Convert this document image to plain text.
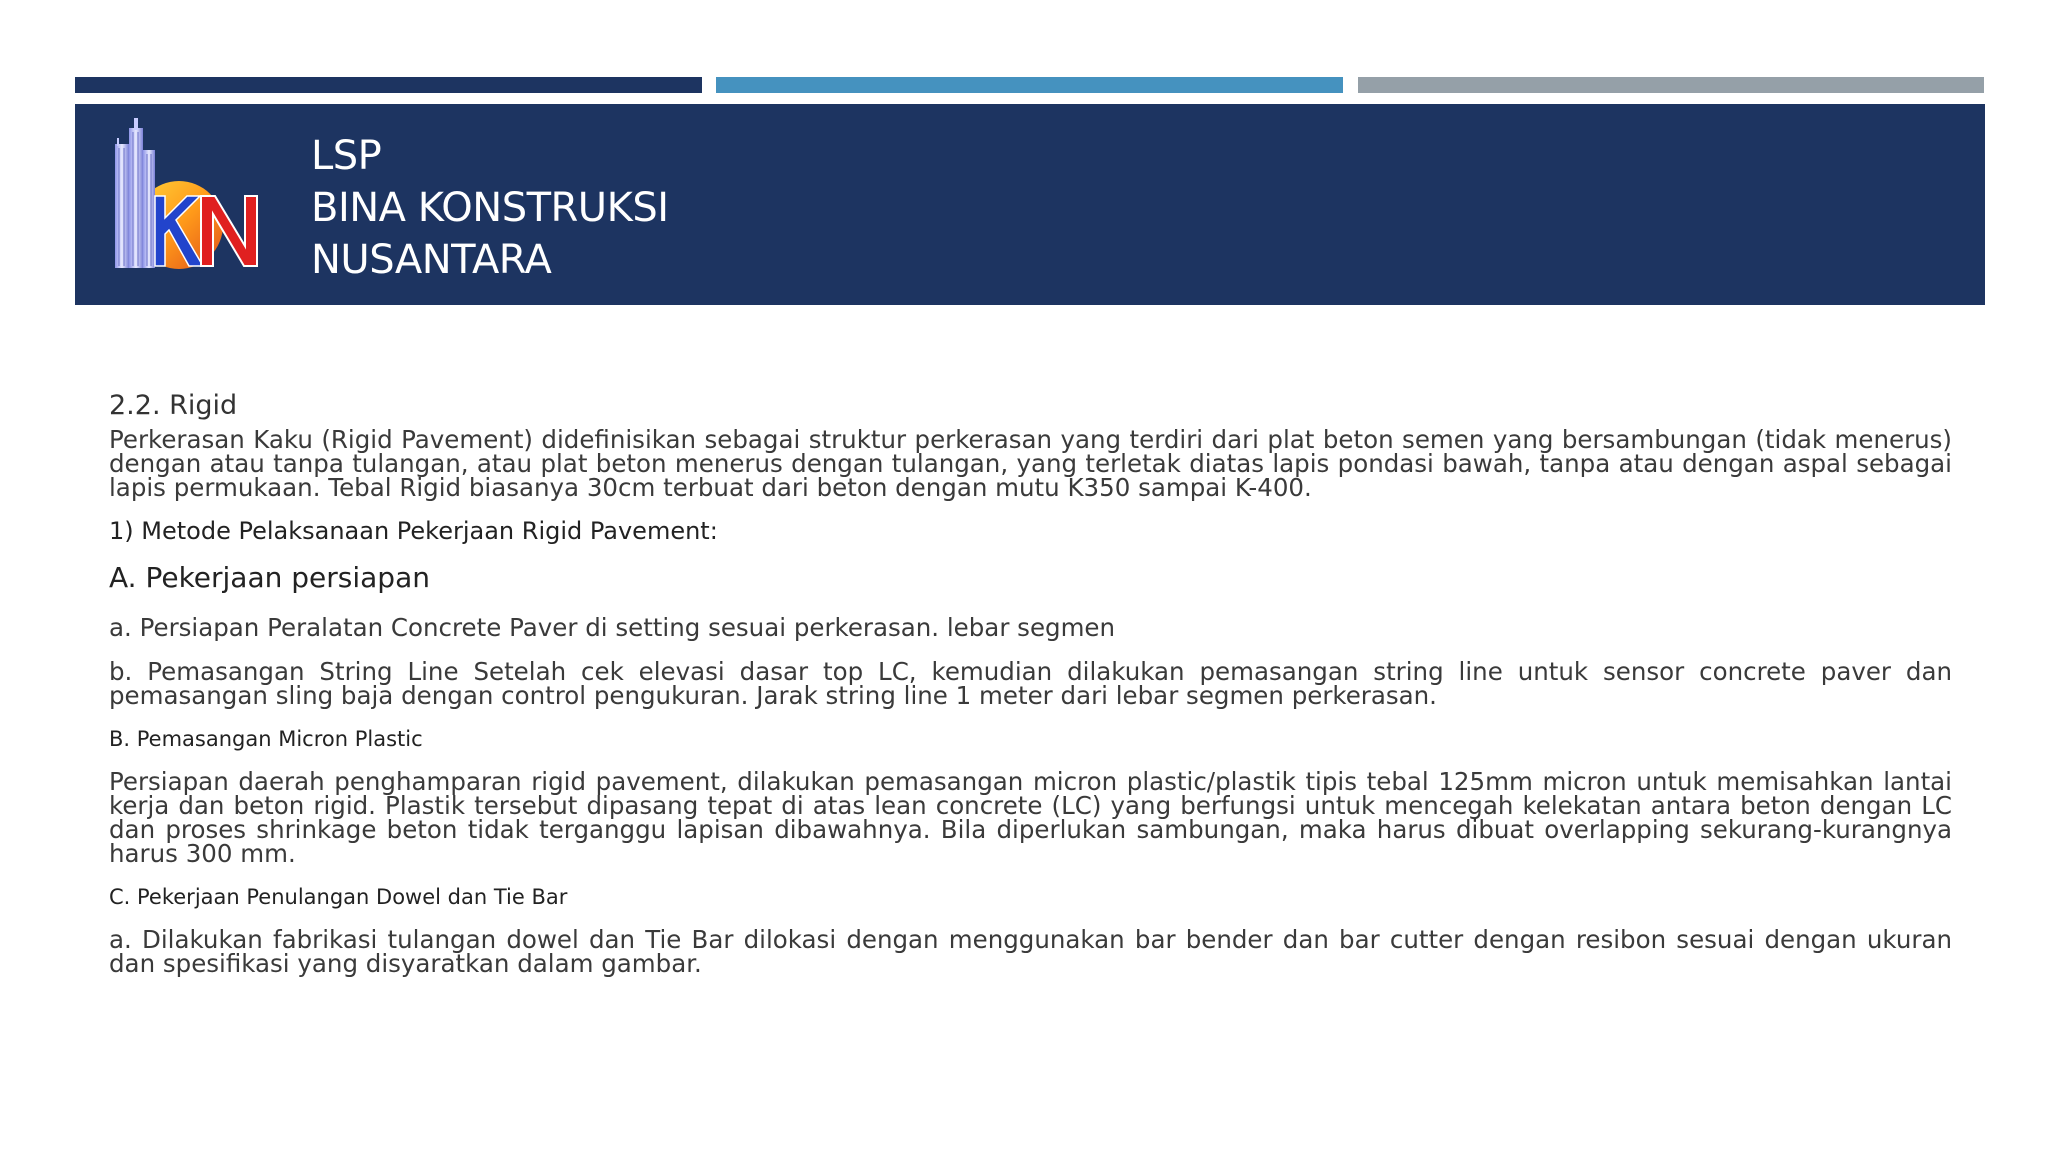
LSP
BINA KONSTRUKSI
NUSANTARA

2.2. Rigid

Perkerasan Kaku (Rigid Pavement) didefinisikan sebagai struktur perkerasan yang terdiri dari plat beton semen yang bersambungan (tidak menerus) dengan atau tanpa tulangan, atau plat beton menerus dengan tulangan, yang terletak diatas lapis pondasi bawah, tanpa atau dengan aspal sebagai lapis permukaan. Tebal Rigid biasanya 30cm terbuat dari beton dengan mutu K350 sampai K-400.

1) Metode Pelaksanaan Pekerjaan Rigid Pavement:

A. Pekerjaan persiapan

a. Persiapan Peralatan Concrete Paver di setting sesuai perkerasan. lebar segmen

b. Pemasangan String Line Setelah cek elevasi dasar top LC, kemudian dilakukan pemasangan string line untuk sensor concrete paver dan pemasangan sling baja dengan control pengukuran. Jarak string line 1 meter dari lebar segmen perkerasan.

B. Pemasangan Micron Plastic

Persiapan daerah penghamparan rigid pavement, dilakukan pemasangan micron plastic/plastik tipis tebal 125mm micron untuk memisahkan lantai kerja dan beton rigid. Plastik tersebut dipasang tepat di atas lean concrete (LC) yang berfungsi untuk mencegah kelekatan antara beton dengan LC dan proses shrinkage beton tidak terganggu lapisan dibawahnya. Bila diperlukan sambungan, maka harus dibuat overlapping sekurang-kurangnya harus 300 mm.

C. Pekerjaan Penulangan Dowel dan Tie Bar

a. Dilakukan fabrikasi tulangan dowel dan Tie Bar dilokasi dengan menggunakan bar bender dan bar cutter dengan resibon sesuai dengan ukuran dan spesifikasi yang disyaratkan dalam gambar.
